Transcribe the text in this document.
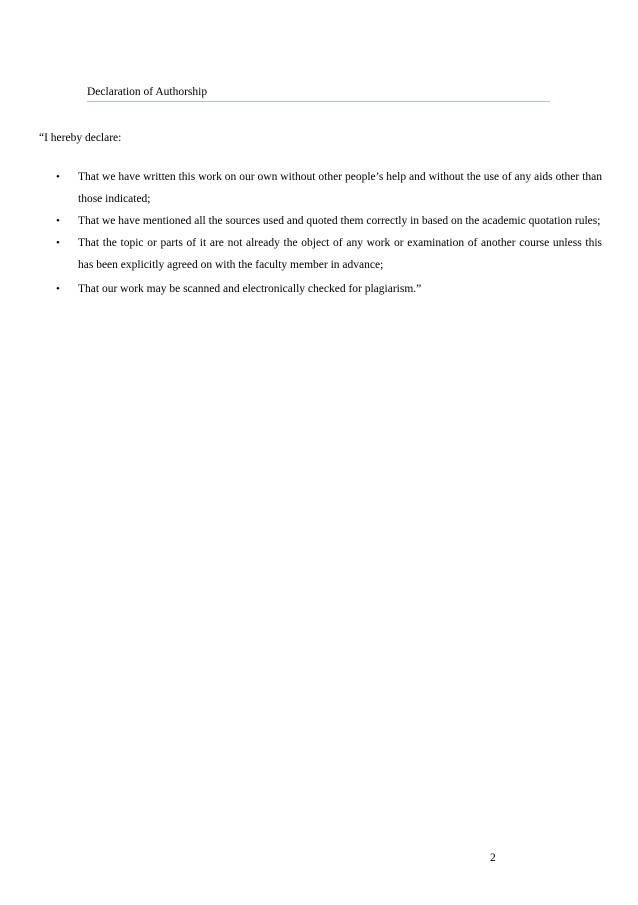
Declaration of Authorship
“I hereby declare:
•	That we have written this work on our own without other people’s help and without the use of any aids other than those indicated;
•	That we have mentioned all the sources used and quoted them correctly in based on the academic quotation rules;
•	That the topic or parts of it are not already the object of any work or examination of another course unless this has been explicitly agreed on with the faculty member in advance;
•	That our work may be scanned and electronically checked for plagiarism.”
2
